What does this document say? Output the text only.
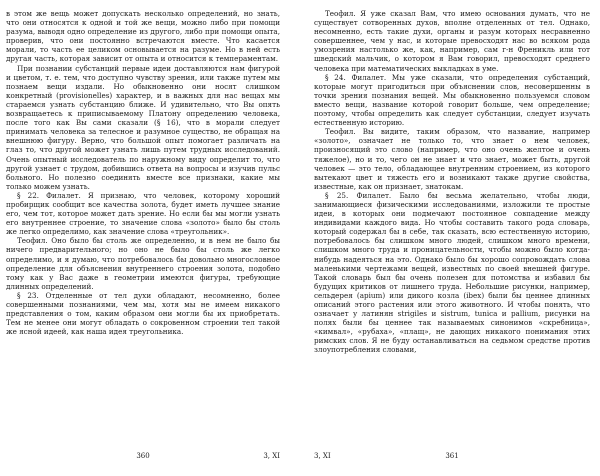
в этом же вещь может допускать несколько определений, но знать, что они относятся к одной и той же вещи, можно либо при помощи разума, выводя одно определение из другого, либо при помощи опыта, проверив, что они постоянно встречаются вместе. Что касается морали, то часть ее целиком основывается на разуме. Но в ней есть другая часть, которая зависит от опыта и относится к темпераментам.

При познании субстанций первые идеи доставляются нам фигурой и цветом, т. е. тем, что доступно чувству зрения, или также путем мы познаем вещи издали. Но обыкновенно они носят слишком конкретный (provisionelles) характер, и в важных для нас вещах мы стараемся узнать субстанцию ближе. И удивительно, что Вы опять возвращаетесь к приписываемому Платону определению человека, после того как Вы сами сказали (§ 16), что в морали следует принимать человека за телесное и разумное существо, не обращая на внешнюю фигуру. Верно, что большой опыт помогает различать на глаз то, что другой может узнать лишь путем трудных исследований. Очень опытный исследователь по наружному виду определит то, что другой узнает с трудом, добившись ответа на вопросы и изучив пульс больного. Но полезно соединять вместе все признаки, какие мы только можем узнать.

§ 22. Филалет. Я признаю, что человек, которому хороший пробирщик сообщит все качества золота, будет иметь лучшее знание его, чем тот, которое может дать зрение. Но если бы мы могли узнать его внутреннее строение, то значение слова «золото» было бы столь же легко определимо, как значение слова «треугольник».

Теофил. Оно было бы столь же определенно, и в нем не было бы ничего предварительного; но оно не было бы столь же легко определимо, и я думаю, что потребовалось бы довольно многословное определение для объяснения внутреннего строения золота, подобно тому как у Вас даже в геометрии имеются фигуры, требующие длинных определений.

§ 23. Отделенные от тел духи обладают, несомненно, более совершенными познаниями, чем мы, хотя мы не имеем никакого представления о том, каким образом они могли бы их приобретать. Тем не менее они могут обладать о сокровенном строении тел такой же ясной идеей, как наша идея треугольника.

360	3, XI

Теофил. Я уже сказал Вам, что имею основания думать, что не существует сотворенных духов, вполне отделенных от тел. Однако, несомненно, есть такие духи, органы и разум которых несравненно совершеннее, чем у нас, и которые превосходят нас во всяком рода умозрения настолько же, как, например, сам г-н Френикль или тот шведский мальчик, о котором я Вам говорил, превосходят среднего человека при математических выкладках в уме.

§ 24. Филалет. Мы уже сказали, что определения субстанций, которые могут пригодиться при объяснении слов, несовершенны в точки зрения познания вещей. Мы обыкновенно пользуемся словом вместо вещи, название которой говорит больше, чем определение; поэтому, чтобы определить как следует субстанции, следует изучать естественную историю.

Теофил. Вы видите, таким образом, что название, например «золото», означает не только то, что знает о нем человек, произносящий это слово (например, что оно очень желтое и очень тяжелое), но и то, чего он не знает и что знает, может быть, другой человек — это тело, обладающее внутренним строением, из которого вытекают цвет и тяжесть его и возникают также другие свойства, известные, как он признает, знатокам.

§ 25. Филалет. Было бы весьма желательно, чтобы люди, занимающиеся физическими исследованиями, изложили те простые идеи, в которых они подмечают постоянное совпадение между индивидами каждого вида. Но чтобы составить такого рода словарь, который содержал бы в себе, так сказать, всю естественную историю, потребовалось бы слишком много людей, слишком много времени, слишком много труда и проницательности, чтобы можно было когда-нибудь надеяться на это. Однако было бы хорошо сопровождать слова маленькими чертежами вещей, известных по своей внешней фигуре. Такой словарь был бы очень полезен для потомства и избавил бы будущих критиков от лишнего труда. Небольшие рисунки, например, сельдерея (apium) или дикого козла (ibex) были бы ценнее длинных описаний этого растения или этого животного. И чтобы понять, что означает у латинян strigiles и sistrum, tunica и pallium, рисунки на полях были бы ценнее так называемых синонимов «скребница», «кимвал», «рубаха», «плащ», не дающих никакого понимания этих римских слов. Я не буду останавливаться на седьмом средстве против злоупотребления словами,

3, XI	361
